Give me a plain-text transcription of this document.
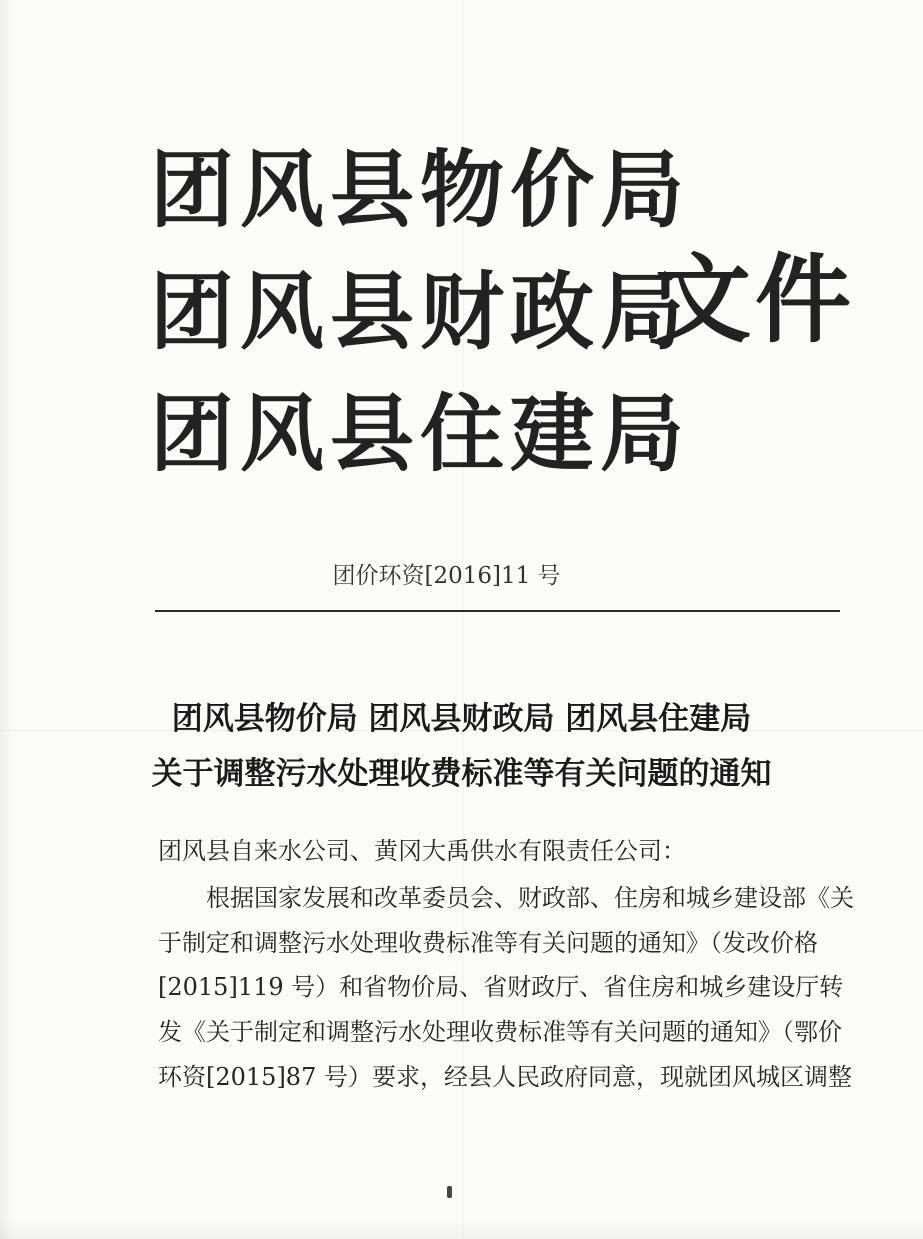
团风县物价局
团风县财政局
团风县住建局
文件
团价环资[2016]11 号
团风县物价局 团风县财政局 团风县住建局
关于调整污水处理收费标准等有关问题的通知
团风县自来水公司、黄冈大禹供水有限责任公司：
根据国家发展和改革委员会、财政部、住房和城乡建设部《关
于制定和调整污水处理收费标准等有关问题的通知》（发改价格
[2015]119 号）和省物价局、省财政厅、省住房和城乡建设厅转
发《关于制定和调整污水处理收费标准等有关问题的通知》（鄂价
环资[2015]87 号）要求，经县人民政府同意，现就团风城区调整
